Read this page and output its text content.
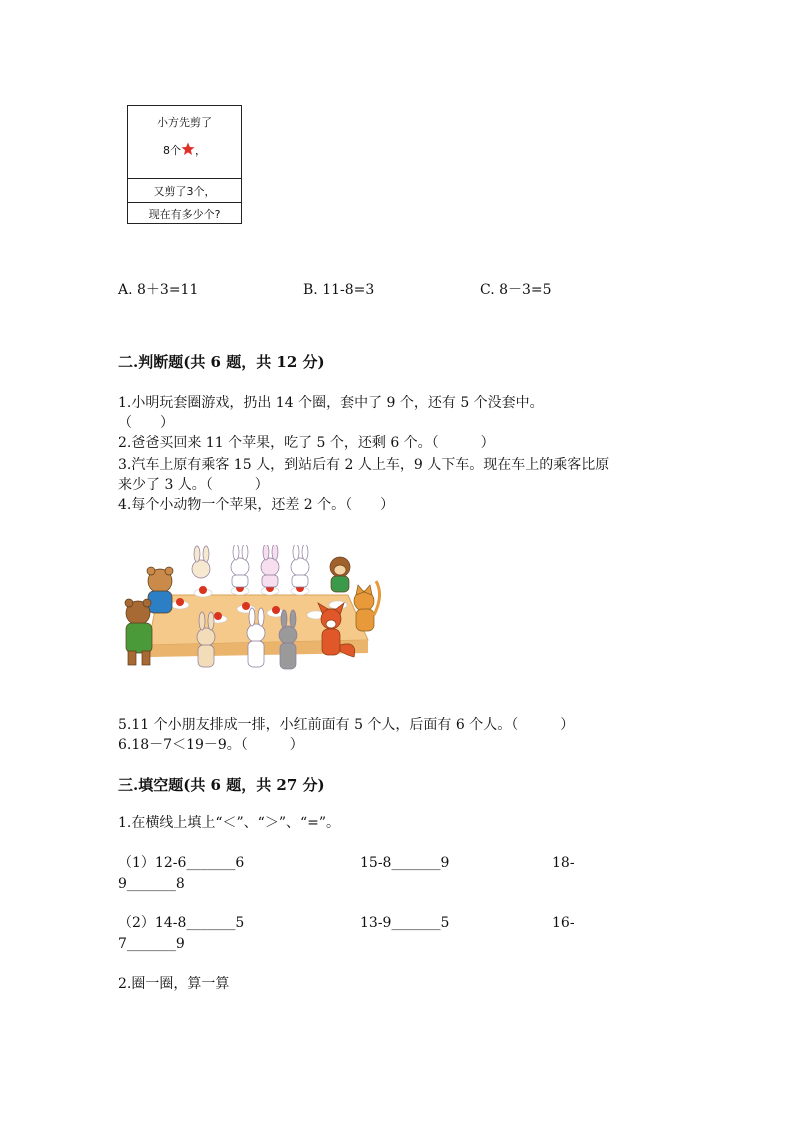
小方先剪了
8个 ，
又剪了3个，
现在有多少个?
A. 8＋3=11	B. 11-8=3	C. 8－3=5
二.判断题(共 6 题，共 12 分)
1.小明玩套圈游戏，扔出 14 个圈，套中了 9 个，还有 5 个没套中。
（　　）
2.爸爸买回来 11 个苹果，吃了 5 个，还剩 6 个。（　　　）
3.汽车上原有乘客 15 人，到站后有 2 人上车，9 人下车。现在车上的乘客比原
来少了 3 人。（　　　）
4.每个小动物一个苹果，还差 2 个。（　　）
5.11 个小朋友排成一排，小红前面有 5 个人，后面有 6 个人。（　　　）
6.18－7＜19－9。（　　　）
三.填空题(共 6 题，共 27 分)
1.在横线上填上“＜”、“＞”、“=”。
（1）12-6_______6	15-8_______9	18-
9_______8
（2）14-8_______5	13-9_______5	16-
7_______9
2.圈一圈，算一算
